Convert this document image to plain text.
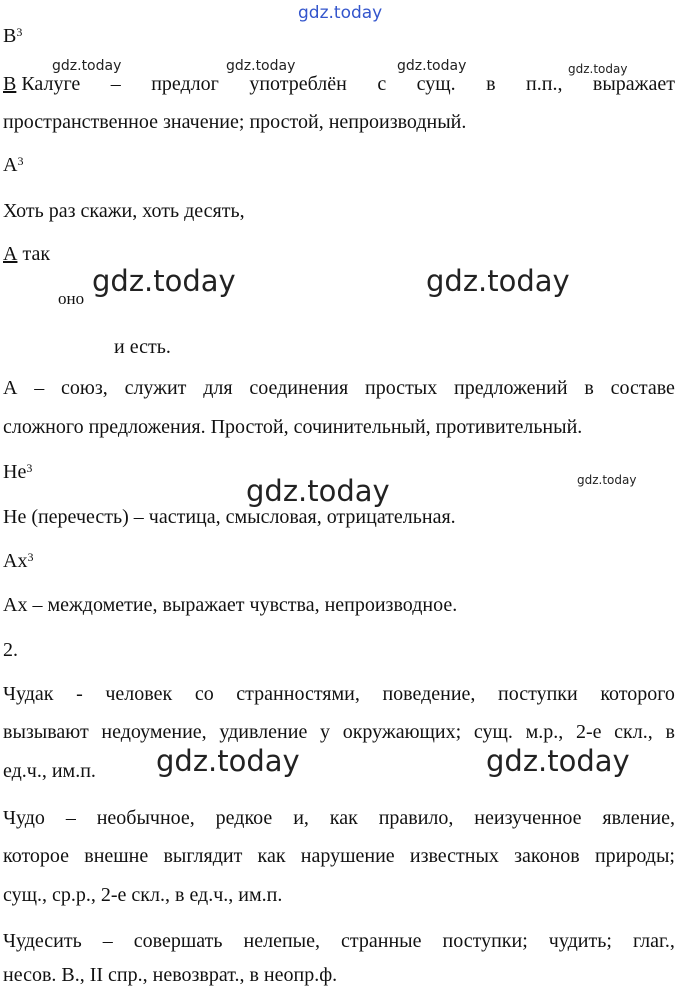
gdz.today
gdz.today	gdz.today	gdz.today	gdz.today
gdz.today	gdz.today
gdz.today	gdz.today
gdz.today	gdz.today
$В^3$
В Калуге – предлог употреблён с сущ. в п.п., выражает
пространственное значение; простой, непроизводный.
$А^3$
Хоть раз скажи, хоть десять,
А так
оно
и есть.
А – союз, служит для соединения простых предложений в составе
сложного предложения. Простой, сочинительный, противительный.
$Не^3$
Не (перечесть) – частица, смысловая, отрицательная.
$Ах^3$
Ах – междометие, выражает чувства, непроизводное.
2.
Чудак - человек со странностями, поведение, поступки которого
вызывают недоумение, удивление у окружающих; сущ. м.р., 2-е скл., в
ед.ч., им.п.
Чудо – необычное, редкое и, как правило, неизученное явление,
которое внешне выглядит как нарушение известных законов природы;
сущ., ср.р., 2-е скл., в ед.ч., им.п.
Чудесить – совершать нелепые, странные поступки; чудить; глаг.,
несов. В., II спр., невозврат., в неопр.ф.
